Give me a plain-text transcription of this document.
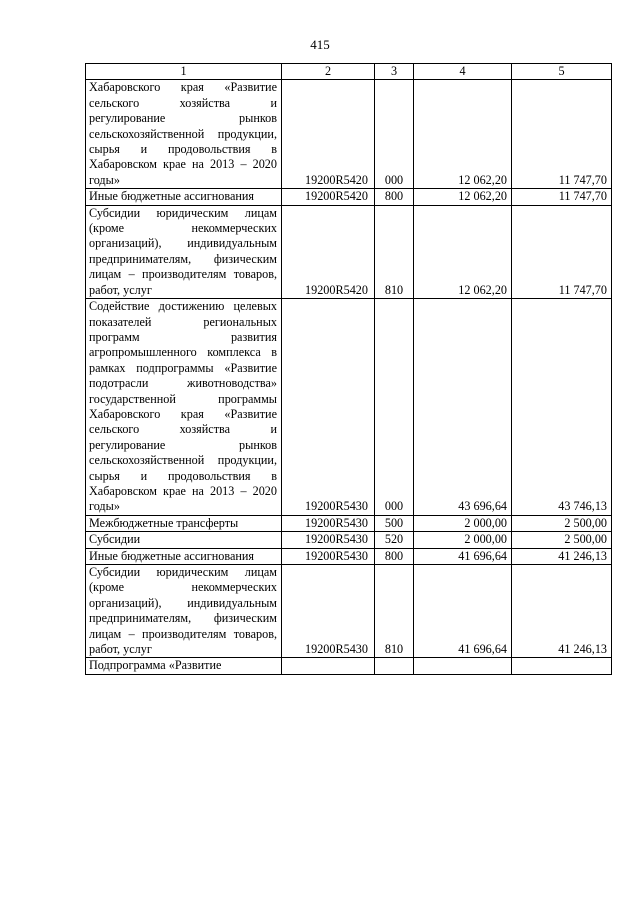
415
1	2	3	4	5
Хабаровского края «Развитие сельского хозяйства и регулирование рынков сельскохозяйственной продукции, сырья и продовольствия в Хабаровском крае на 2013 – 2020 годы»	19200R5420	000	12 062,20	11 747,70
Иные бюджетные ассигнования	19200R5420	800	12 062,20	11 747,70
Субсидии юридическим лицам (кроме некоммерческих организаций), индивидуальным предпринимателям, физическим лицам – производителям товаров, работ, услуг	19200R5420	810	12 062,20	11 747,70
Содействие достижению целевых показателей региональных программ развития агропромышленного комплекса в рамках подпрограммы «Развитие подотрасли животноводства» государственной программы Хабаровского края «Развитие сельского хозяйства и регулирование рынков сельскохозяйственной продукции, сырья и продовольствия в Хабаровском крае на 2013 – 2020 годы»	19200R5430	000	43 696,64	43 746,13
Межбюджетные трансферты	19200R5430	500	2 000,00	2 500,00
Субсидии	19200R5430	520	2 000,00	2 500,00
Иные бюджетные ассигнования	19200R5430	800	41 696,64	41 246,13
Субсидии юридическим лицам (кроме некоммерческих организаций), индивидуальным предпринимателям, физическим лицам – производителям товаров, работ, услуг	19200R5430	810	41 696,64	41 246,13
Подпрограмма «Развитие				
